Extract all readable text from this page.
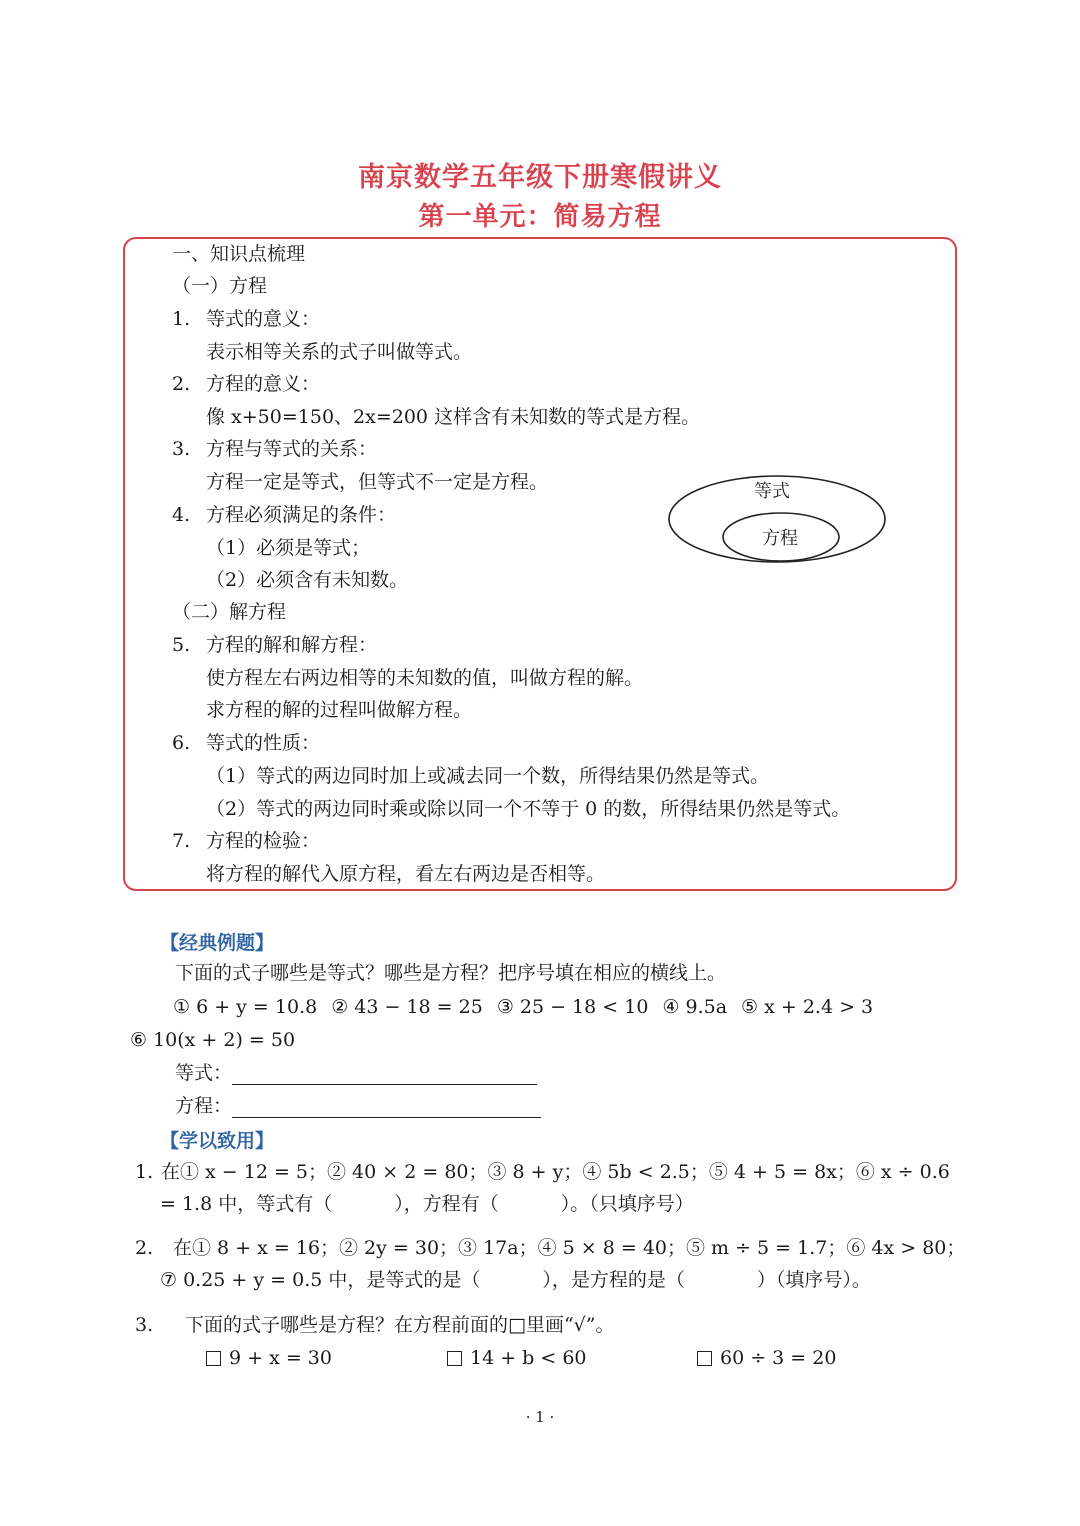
南京数学五年级下册寒假讲义
第一单元：简易方程
一、知识点梳理
（一）方程
1. 等式的意义：
表示相等关系的式子叫做等式。
2. 方程的意义：
像 x+50=150、2x=200 这样含有未知数的等式是方程。
3. 方程与等式的关系：
方程一定是等式，但等式不一定是方程。
4. 方程必须满足的条件：
（1）必须是等式；
（2）必须含有未知数。
等式
方程
（二）解方程
5. 方程的解和解方程：
使方程左右两边相等的未知数的值，叫做方程的解。
求方程的解的过程叫做解方程。
6. 等式的性质：
（1）等式的两边同时加上或减去同一个数，所得结果仍然是等式。
（2）等式的两边同时乘或除以同一个不等于 0 的数，所得结果仍然是等式。
7. 方程的检验：
将方程的解代入原方程，看左右两边是否相等。
【经典例题】
下面的式子哪些是等式？哪些是方程？把序号填在相应的横线上。
① 6 + y = 10.8 ② 43 − 18 = 25 ③ 25 − 18 < 10 ④ 9.5a ⑤ x + 2.4 > 3
⑥ 10(x + 2) = 50
等式：
方程：
【学以致用】
1. 在① x − 12 = 5；② 40 × 2 = 80；③ 8 + y；④ 5b < 2.5；⑤ 4 + 5 = 8x；⑥ x ÷ 0.6
= 1.8 中，等式有（	），方程有（	）。（只填序号）
2. 在① 8 + x = 16；② 2y = 30；③ 17a；④ 5 × 8 = 40；⑤ m ÷ 5 = 1.7；⑥ 4x > 80；
⑦ 0.25 + y = 0.5 中，是等式的是（	），是方程的是（	）（填序号）。
3. 下面的式子哪些是方程？在方程前面的□里画“√”。
9 + x = 30	14 + b < 60	60 ÷ 3 = 20
· 1 ·
